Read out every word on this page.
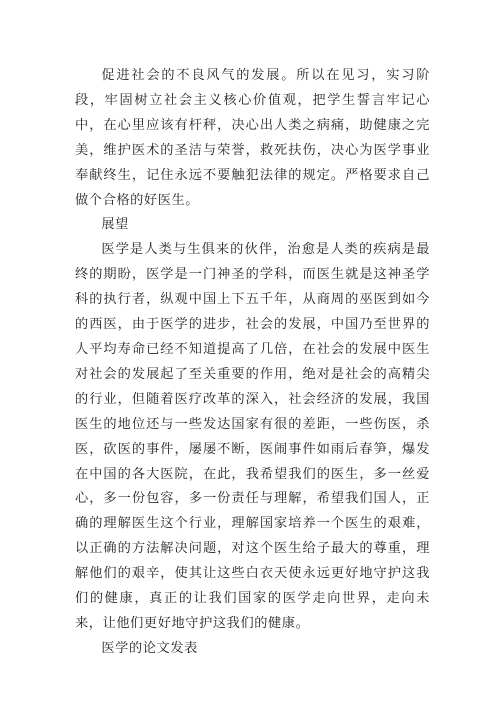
促进社会的不良风气的发展。所以在见习，实习阶段，牢固树立社会主义核心价值观，把学生誓言牢记心中，在心里应该有杆秤，决心出人类之病痛，助健康之完美，维护医术的圣洁与荣誉，救死扶伤，决心为医学事业奉献终生，记住永远不要触犯法律的规定。严格要求自己做个合格的好医生。

展望

医学是人类与生俱来的伙伴，治愈是人类的疾病是最终的期盼，医学是一门神圣的学科，而医生就是这神圣学科的执行者，纵观中国上下五千年，从商周的巫医到如今的西医，由于医学的进步，社会的发展，中国乃至世界的人平均寿命已经不知道提高了几倍，在社会的发展中医生对社会的发展起了至关重要的作用，绝对是社会的高精尖的行业，但随着医疗改革的深入，社会经济的发展，我国医生的地位还与一些发达国家有很的差距，一些伤医，杀医，砍医的事件，屡屡不断，医闹事件如雨后春笋，爆发在中国的各大医院，在此，我希望我们的医生，多一丝爱心，多一份包容，多一份责任与理解，希望我们国人，正确的理解医生这个行业，理解国家培养一个医生的艰难，以正确的方法解决问题，对这个医生给子最大的尊重，理解他们的艰辛，使其让这些白衣天使永远更好地守护这我们的健康，真正的让我们国家的医学走向世界，走向未来，让他们更好地守护这我们的健康。

医学的论文发表
